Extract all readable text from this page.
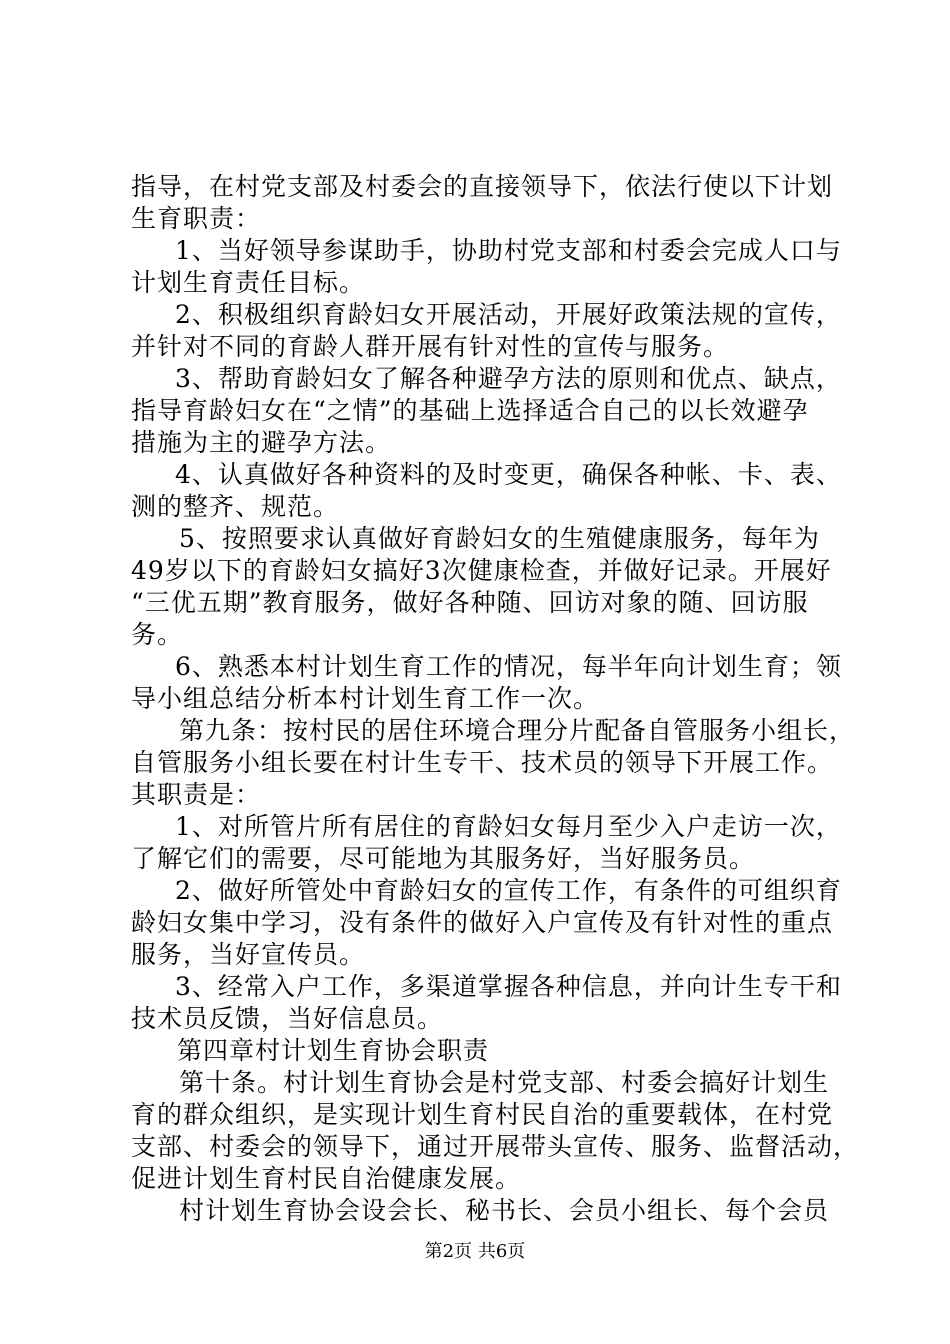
指导，在村党支部及村委会的直接领导下，依法行使以下计划
生育职责：
1、当好领导参谋助手，协助村党支部和村委会完成人口与
计划生育责任目标。
2、积极组织育龄妇女开展活动，开展好政策法规的宣传，
并针对不同的育龄人群开展有针对性的宣传与服务。
3、帮助育龄妇女了解各种避孕方法的原则和优点、缺点，
指导育龄妇女在“之情”的基础上选择适合自己的以长效避孕
措施为主的避孕方法。
4、认真做好各种资料的及时变更，确保各种帐、卡、表、
测的整齐、规范。
5、按照要求认真做好育龄妇女的生殖健康服务，每年为
49岁以下的育龄妇女搞好3次健康检查，并做好记录。开展好
“三优五期”教育服务，做好各种随、回访对象的随、回访服
务。
6、熟悉本村计划生育工作的情况，每半年向计划生育；领
导小组总结分析本村计划生育工作一次。
第九条：按村民的居住环境合理分片配备自管服务小组长，
自管服务小组长要在村计生专干、技术员的领导下开展工作。
其职责是：
1、对所管片所有居住的育龄妇女每月至少入户走访一次，
了解它们的需要，尽可能地为其服务好，当好服务员。
2、做好所管处中育龄妇女的宣传工作，有条件的可组织育
龄妇女集中学习，没有条件的做好入户宣传及有针对性的重点
服务，当好宣传员。
3、经常入户工作，多渠道掌握各种信息，并向计生专干和
技术员反馈，当好信息员。
第四章村计划生育协会职责
第十条。村计划生育协会是村党支部、村委会搞好计划生
育的群众组织，是实现计划生育村民自治的重要载体，在村党
支部、村委会的领导下，通过开展带头宣传、服务、监督活动，
促进计划生育村民自治健康发展。
村计划生育协会设会长、秘书长、会员小组长、每个会员
第2页 共6页
